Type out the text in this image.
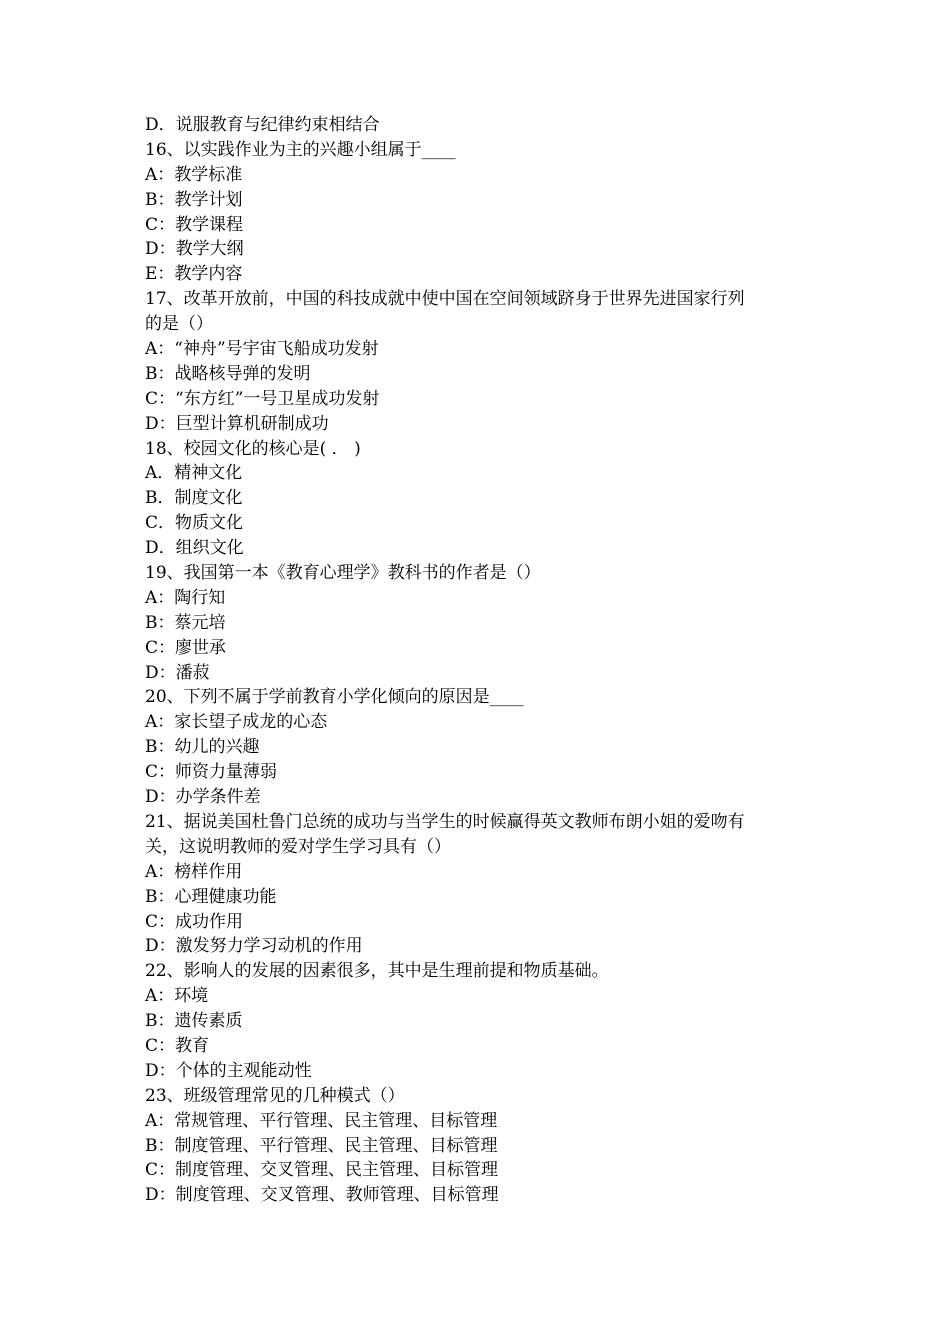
D．说服教育与纪律约束相结合
16、以实践作业为主的兴趣小组属于____
A：教学标准
B：教学计划
C：教学课程
D：教学大纲
E：教学内容
17、改革开放前，中国的科技成就中使中国在空间领域跻身于世界先进国家行列
的是（）
A：“神舟”号宇宙飞船成功发射
B：战略核导弹的发明
C：“东方红”一号卫星成功发射
D：巨型计算机研制成功
18、校园文化的核心是( ． )
A．精神文化
B．制度文化
C．物质文化
D．组织文化
19、我国第一本《教育心理学》教科书的作者是（）
A：陶行知
B：蔡元培
C：廖世承
D：潘菽
20、下列不属于学前教育小学化倾向的原因是____
A：家长望子成龙的心态
B：幼儿的兴趣
C：师资力量薄弱
D：办学条件差
21、据说美国杜鲁门总统的成功与当学生的时候赢得英文教师布朗小姐的爱吻有
关，这说明教师的爱对学生学习具有（）
A：榜样作用
B：心理健康功能
C：成功作用
D：激发努力学习动机的作用
22、影响人的发展的因素很多，其中是生理前提和物质基础。
A：环境
B：遗传素质
C：教育
D：个体的主观能动性
23、班级管理常见的几种模式（）
A：常规管理、平行管理、民主管理、目标管理
B：制度管理、平行管理、民主管理、目标管理
C：制度管理、交叉管理、民主管理、目标管理
D：制度管理、交叉管理、教师管理、目标管理
